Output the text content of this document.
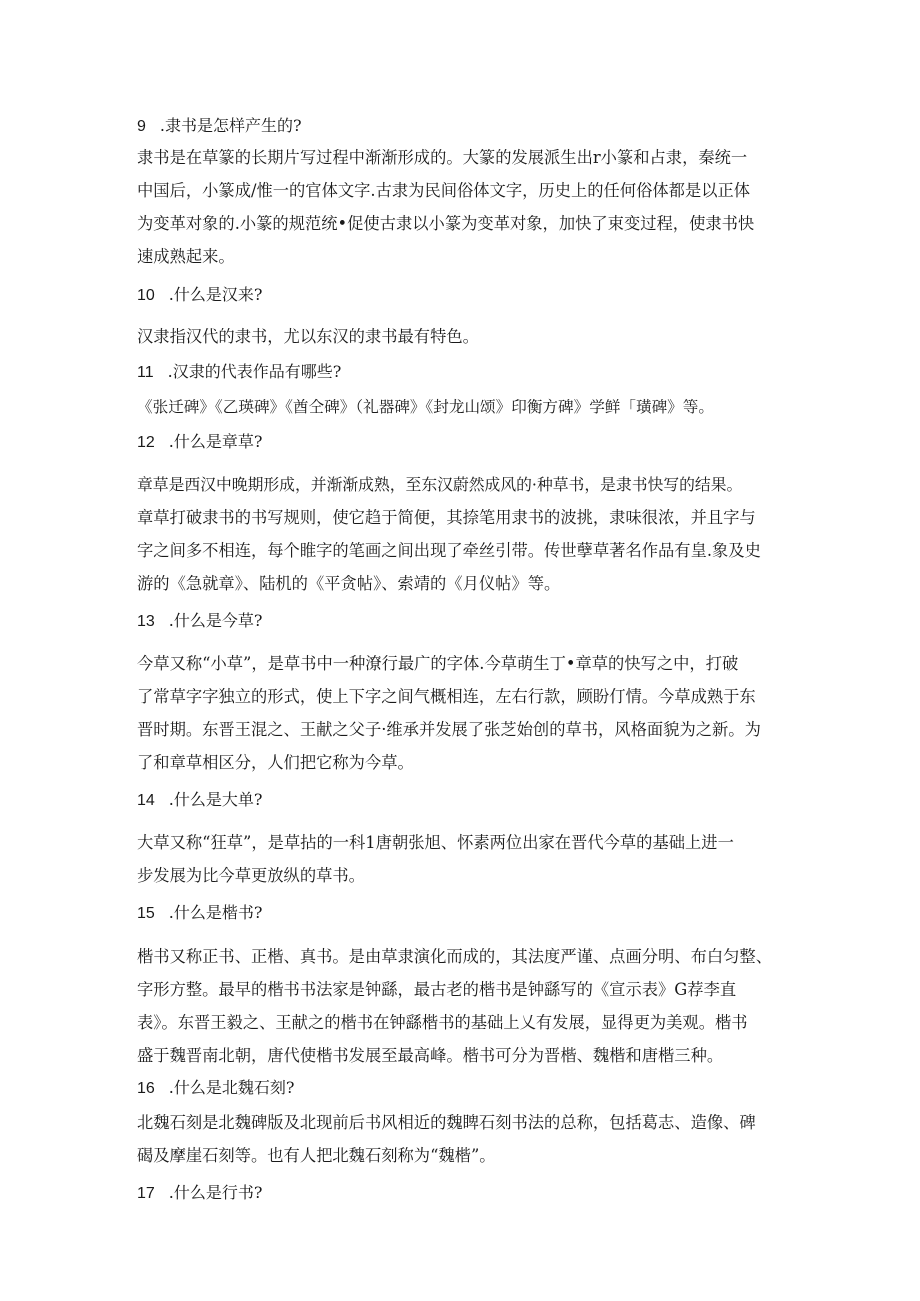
9 .隶书是怎样产生的?
隶书是在草篆的长期片写过程中渐渐形成的。大篆的发展派生出r小篆和占隶，秦统一
中国后，小篆成/惟一的官体文字.古隶为民间俗体文字，历史上的任何俗体都是以正体
为变革对象的.小篆的规范统•促使古隶以小篆为变革对象，加快了束变过程，使隶书快
速成熟起来。
10 .什么是汉来?
汉隶指汉代的隶书，尤以东汉的隶书最有特色。
11 .汉隶的代表作品有哪些?
《张迁碑》《乙瑛碑》《酋仝碑》（礼器碑》《封龙山颂》印衡方碑》学鲜「璜碑》等。
12 .什么是章草?
章草是西汉中晚期形成，并渐渐成熟，至东汉蔚然成风的·种草书，是隶书快写的结果。
章草打破隶书的书写规则，使它趋于简便，其捺笔用隶书的波挑，隶味很浓，并且字与
字之间多不相连，每个睢字的笔画之间出现了牵丝引带。传世孽草著名作品有皇.象及史
游的《急就章》、陆机的《平贪帖》、索靖的《月仪帖》等。
13 .什么是今草?
今草又称“小草”，是草书中一种潦行最广的字体.今草萌生丁•章草的快写之中，打破
了常草字字独立的形式，使上下字之间气概相连，左右行款，顾盼仃情。今草成熟于东
晋时期。东晋王混之、王献之父子·维承并发展了张芝始创的草书，风格面貌为之新。为
了和章草相区分，人们把它称为今草。
14 .什么是大单?
大草又称“狂草”，是草拈的一科1唐朝张旭、怀素两位出家在晋代今草的基础上进一
步发展为比今草更放纵的草书。
15 .什么是楷书?
楷书又称正书、正楷、真书。是由草隶演化而成的，其法度严谨、点画分明、布白匀整、
字形方整。最早的楷书书法家是钟繇，最古老的楷书是钟繇写的《宣示表》G荐李直
表》。东晋王毅之、王献之的楷书在钟繇楷书的基础上乂有发展，显得更为美观。楷书
盛于魏晋南北朝，唐代使楷书发展至最高峰。楷书可分为晋楷、魏楷和唐楷三种。
16 .什么是北魏石刻?
北魏石刻是北魏碑版及北现前后书风相近的魏睥石刻书法的总称，包括葛志、造像、碑
碣及摩崖石刻等。也有人把北魏石刻称为“魏楷”。
17 .什么是行书?
